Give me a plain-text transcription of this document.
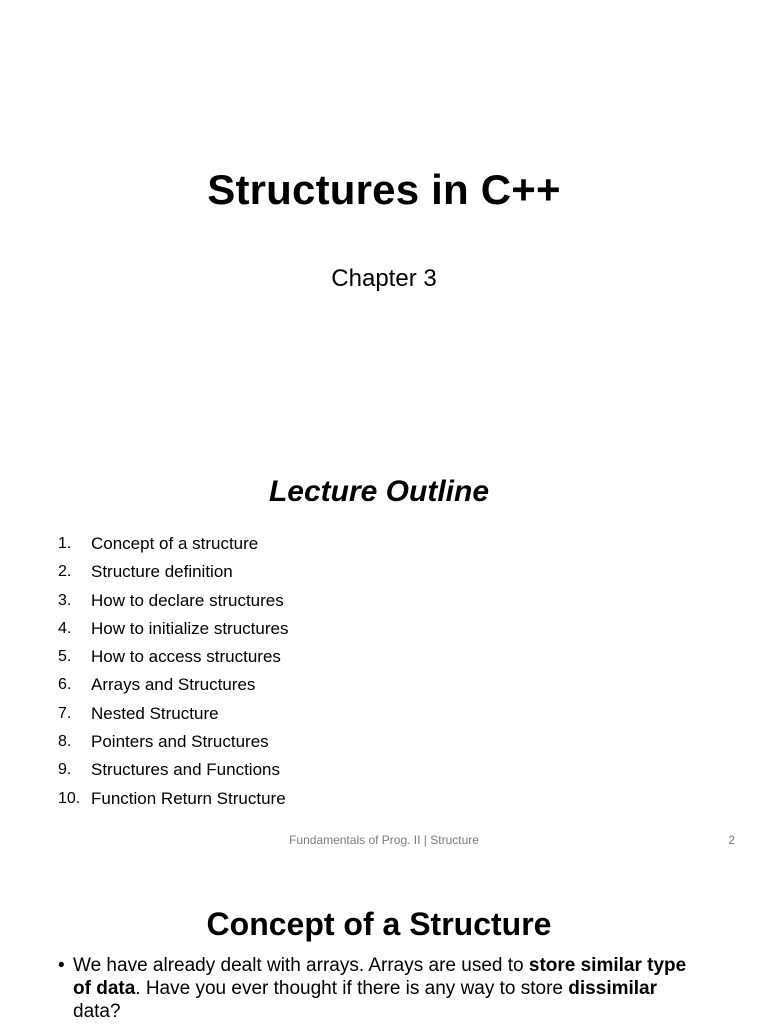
Structures in C++

Chapter 3

Lecture Outline
1.	Concept of a structure
2.	Structure definition
3.	How to declare structures
4.	How to initialize structures
5.	How to access structures
6.	Arrays and Structures
7.	Nested Structure
8.	Pointers and Structures
9.	Structures and Functions
10. Function Return Structure

Fundamentals of Prog. II | Structure	2

Concept of a Structure
• We have already dealt with arrays. Arrays are used to store similar type of data. Have you ever thought if there is any way to store dissimilar data?
